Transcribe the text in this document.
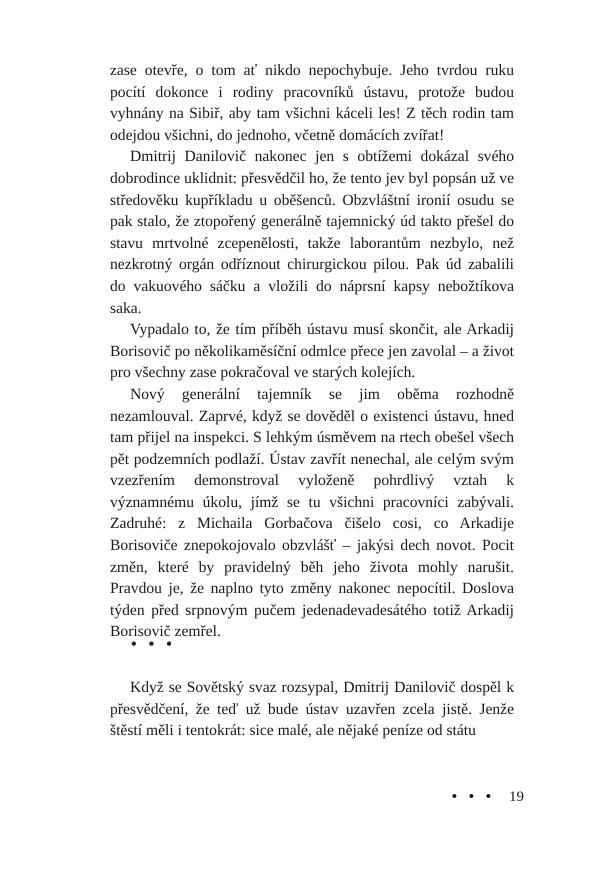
zase otevře, o tom ať nikdo nepochybuje. Jeho tvrdou ruku pocítí dokonce i rodiny pracovníků ústavu, protože budou vyhnány na Sibiř, aby tam všichni káceli les! Z těch rodin tam odejdou všichni, do jednoho, včetně domácích zvířat!

Dmitrij Danilovič nakonec jen s obtížemi dokázal svého dobrodince uklidnit: přesvědčil ho, že tento jev byl popsán už ve středověku kupříkladu u oběšenců. Obzvláštní ironií osudu se pak stalo, že ztopořený generálně tajemnický úd takto přešel do stavu mrtvolné zcepenělosti, takže laborantům nezbylo, než nezkrotný orgán odříznout chirurgickou pilou. Pak úd zabalili do vakuového sáčku a vložili do náprsní kapsy nebožtíkova saka.

Vypadalo to, že tím příběh ústavu musí skončit, ale Arkadij Borisovič po několikaměsíční odmlce přece jen zavolal – a život pro všechny zase pokračoval ve starých kolejích.

Nový generální tajemník se jim oběma rozhodně nezamlouval. Zaprvé, když se dověděl o existenci ústavu, hned tam přijel na inspekci. S lehkým úsměvem na rtech obešel všech pět podzemních podlaží. Ústav zavřít nenechal, ale celým svým vzezřením demonstroval vyloženě pohrdlivý vztah k významnému úkolu, jímž se tu všichni pracovníci zabývali. Zadruhé: z Michaila Gorbačova čišelo cosi, co Arkadije Borisoviče znepokojovalo obzvlášť – jakýsi dech novot. Pocit změn, které by pravidelný běh jeho života mohly narušit. Pravdou je, že naplno tyto změny nakonec nepocítil. Doslova týden před srpnovým pučem jedenadevadesátého totiž Arkadij Borisovič zemřel.

• • •

Když se Sovětský svaz rozsypal, Dmitrij Danilovič dospěl k přesvědčení, že teď už bude ústav uzavřen zcela jistě. Jenže štěstí měli i tentokrát: sice malé, ale nějaké peníze od státu

• • • 19
